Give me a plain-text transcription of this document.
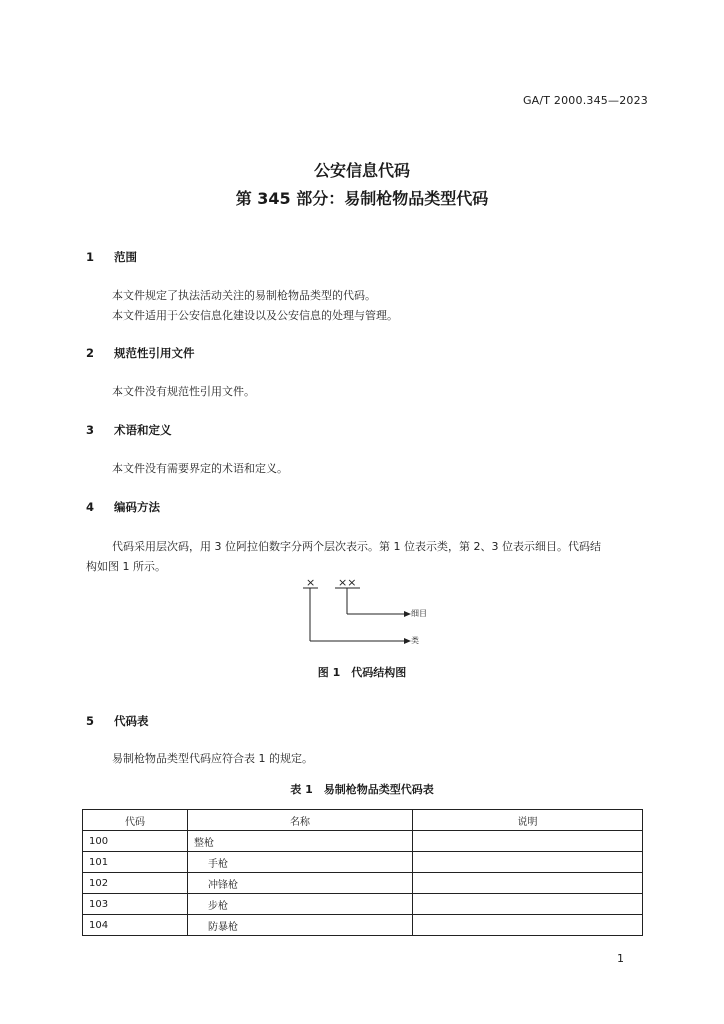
GA/T 2000.345—2023
公安信息代码
第 345 部分：易制枪物品类型代码
1 范围
本文件规定了执法活动关注的易制枪物品类型的代码。
本文件适用于公安信息化建设以及公安信息的处理与管理。
2 规范性引用文件
本文件没有规范性引用文件。
3 术语和定义
本文件没有需要界定的术语和定义。
4 编码方法
代码采用层次码，用 3 位阿拉伯数字分两个层次表示。第 1 位表示类，第 2、3 位表示细目。代码结
构如图 1 所示。
× ××
细目
类
图 1　代码结构图
5 代码表
易制枪物品类型代码应符合表 1 的规定。
表 1　易制枪物品类型代码表
代码	名称	说明
100	整枪	
101	手枪	
102	冲锋枪	
103	步枪	
104	防暴枪	
1
